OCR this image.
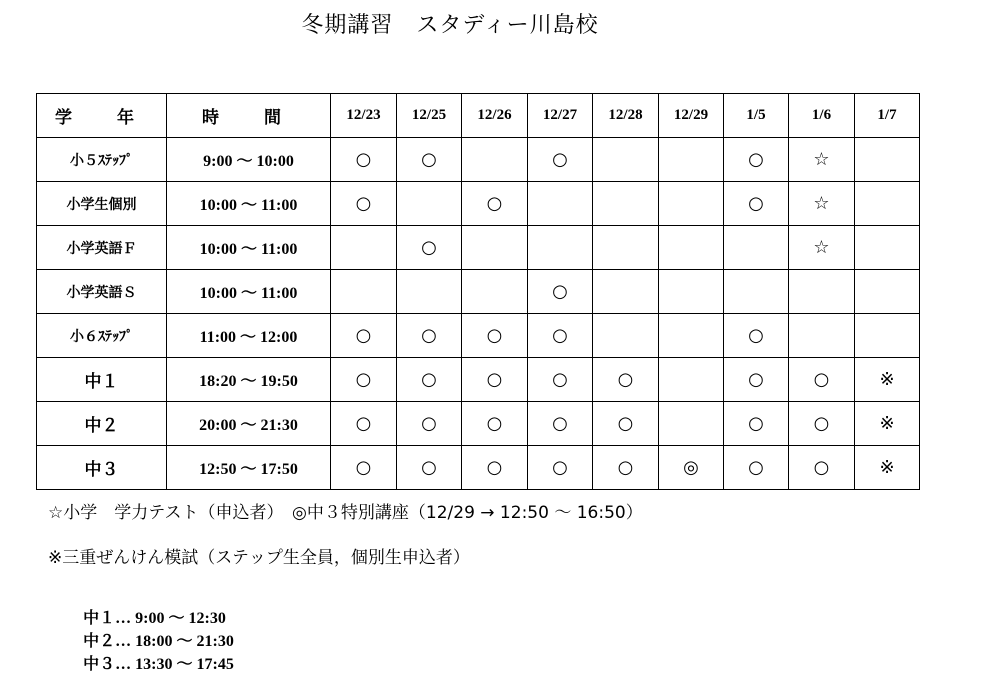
冬期講習　スタディー川島校
学　年	時　間	12/23	12/25	12/26	12/27	12/28	12/29	1/5	1/6	1/7
小５ｽﾃｯﾌﾟ	9:00 〜 10:00	○	○		○			○	☆	
小学生個別	10:00 〜 11:00	○		○				○	☆	
小学英語Ｆ	10:00 〜 11:00		○						☆	
小学英語Ｓ	10:00 〜 11:00				○					
小６ｽﾃｯﾌﾟ	11:00 〜 12:00	○	○	○	○			○		
中１	18:20 〜 19:50	○	○	○	○	○		○	○	※
中２	20:00 〜 21:30	○	○	○	○	○		○	○	※
中３	12:50 〜 17:50	○	○	○	○	○	◎	○	○	※
☆小学　学力テスト（申込者）　◎中３特別講座（12/29 → 12:50 〜 16:50）
※三重ぜんけん模試（ステップ生全員，個別生申込者）

中１… 9:00 〜 12:30
中２… 18:00 〜 21:30
中３… 13:30 〜 17:45
